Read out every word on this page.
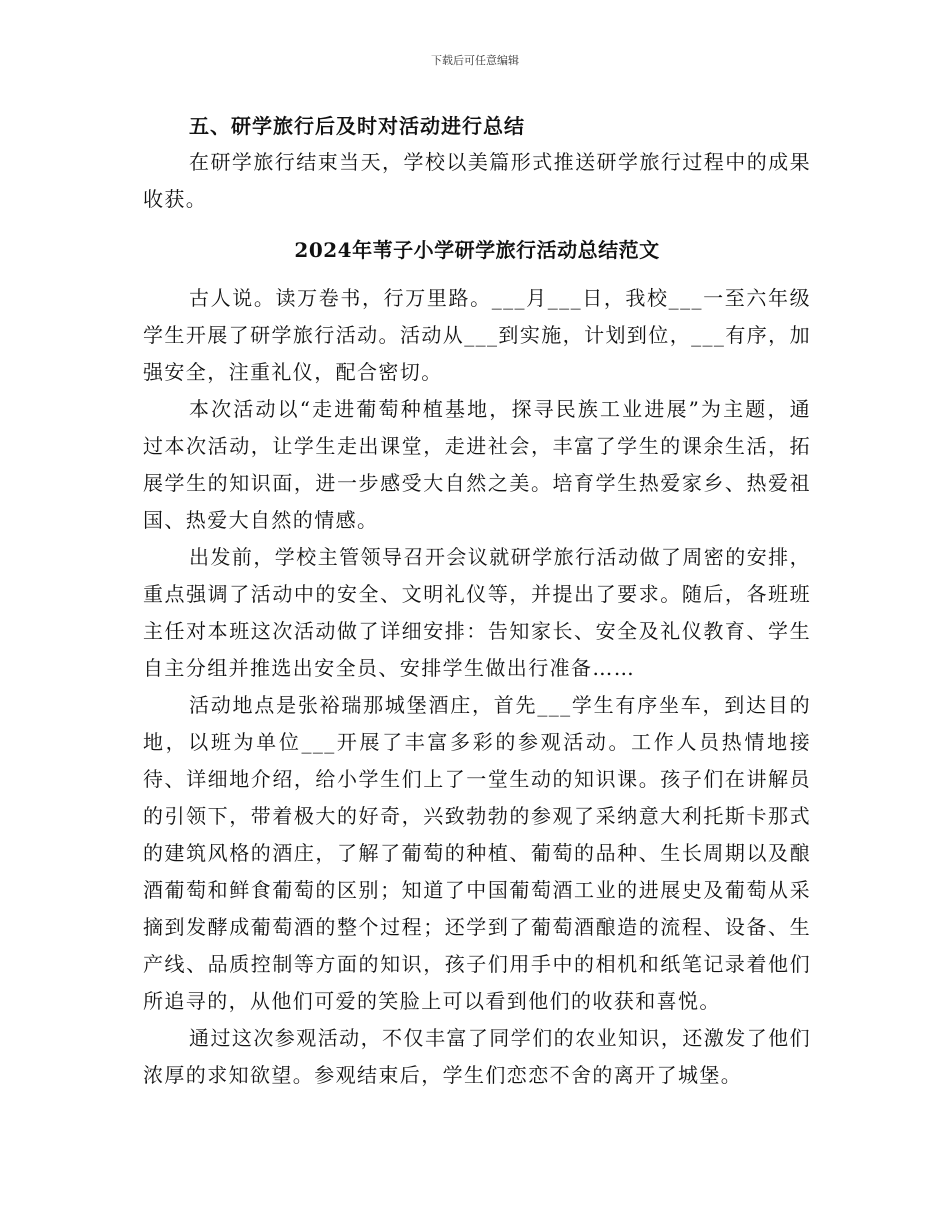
下载后可任意编辑
五、研学旅行后及时对活动进行总结

在研学旅行结束当天，学校以美篇形式推送研学旅行过程中的成果收获。

2024年苇子小学研学旅行活动总结范文

古人说。读万卷书，行万里路。___月___日，我校___一至六年级学生开展了研学旅行活动。活动从___到实施，计划到位，___有序，加强安全，注重礼仪，配合密切。

本次活动以“走进葡萄种植基地，探寻民族工业进展”为主题，通过本次活动，让学生走出课堂，走进社会，丰富了学生的课余生活，拓展学生的知识面，进一步感受大自然之美。培育学生热爱家乡、热爱祖国、热爱大自然的情感。

出发前，学校主管领导召开会议就研学旅行活动做了周密的安排，重点强调了活动中的安全、文明礼仪等，并提出了要求。随后，各班班主任对本班这次活动做了详细安排：告知家长、安全及礼仪教育、学生自主分组并推选出安全员、安排学生做出行准备……

活动地点是张裕瑞那城堡酒庄，首先___学生有序坐车，到达目的地，以班为单位___开展了丰富多彩的参观活动。工作人员热情地接待、详细地介绍，给小学生们上了一堂生动的知识课。孩子们在讲解员的引领下，带着极大的好奇，兴致勃勃的参观了采纳意大利托斯卡那式的建筑风格的酒庄，了解了葡萄的种植、葡萄的品种、生长周期以及酿酒葡萄和鲜食葡萄的区别；知道了中国葡萄酒工业的进展史及葡萄从采摘到发酵成葡萄酒的整个过程；还学到了葡萄酒酿造的流程、设备、生产线、品质控制等方面的知识，孩子们用手中的相机和纸笔记录着他们所追寻的，从他们可爱的笑脸上可以看到他们的收获和喜悦。

通过这次参观活动，不仅丰富了同学们的农业知识，还激发了他们浓厚的求知欲望。参观结束后，学生们恋恋不舍的离开了城堡。
